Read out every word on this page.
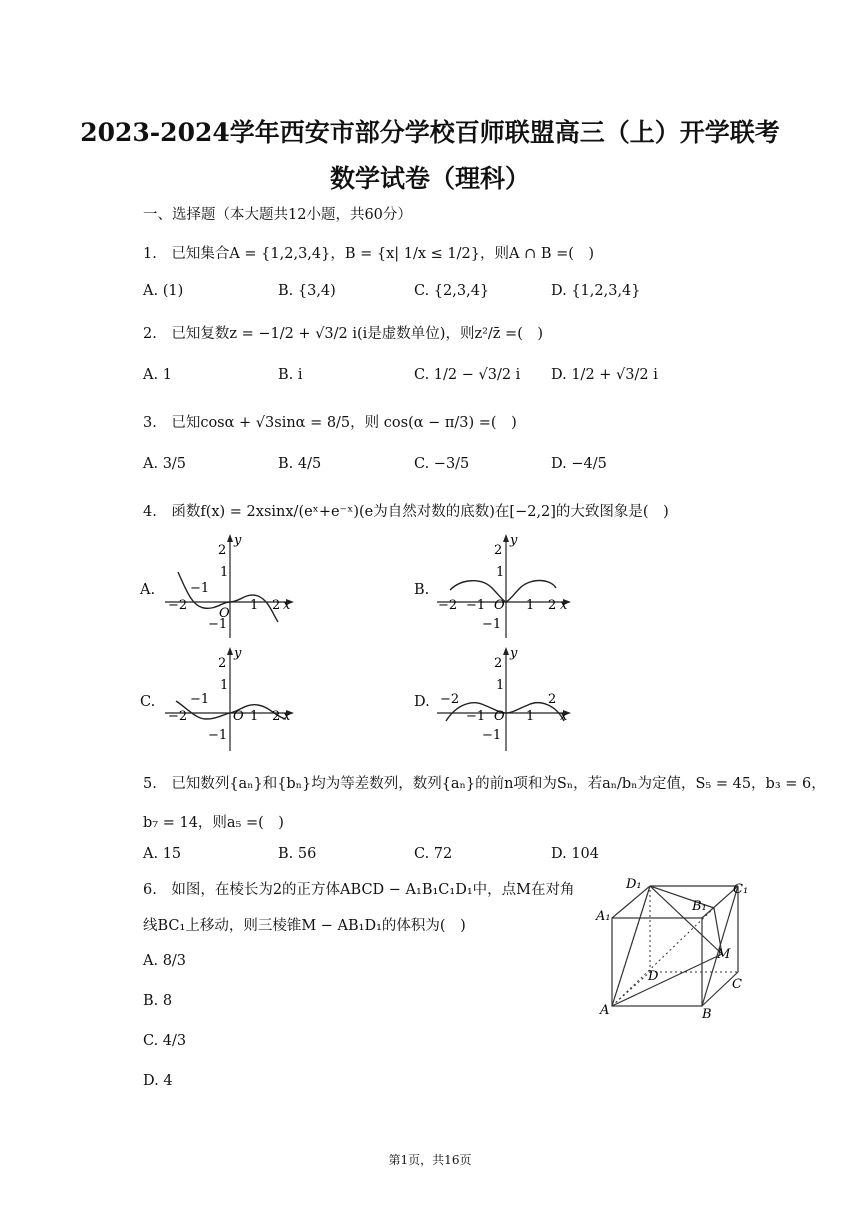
2023-2024学年西安市部分学校百师联盟高三（上）开学联考
数学试卷（理科）
一、选择题（本大题共12小题，共60分）
1.　已知集合A = {1,2,3,4}，B = {x| 1/x ≤ 1/2}，则A ∩ B =(　)
A. (1)	B. {3,4)	C. {2,3,4}	D. {1,2,3,4}
2.　已知复数z = −1/2 + √3/2 i(i是虚数单位)，则z²/z̄ =(　)
A. 1	B. i	C. 1/2 − √3/2 i D. 1/2 + √3/2 i
3.　已知cosα + √3sinα = 8/5，则 cos(α − π/3) =(　)
A. 3/5	B. 4/5	C. −3/5	D. −4/5
4.　函数f(x) = 2xsinx/(eˣ+e⁻ˣ)(e为自然对数的底数)在[−2,2]的大致图象是(　)
A.	B.
C.	D.
y
2
1
−1
−2
O
1 2 x
−1
y
2
1
−2 −1 O 1 2 x
−1
y
2
1
−1
−2	O 1 2 x
−1
y
2
1
−2	2
−1 O 1 x
−1
5.　已知数列{aₙ}和{bₙ}均为等差数列，数列{aₙ}的前n项和为Sₙ，若aₙ/bₙ为定值，S₅ = 45，b₃ = 6，
b₇ = 14，则a₅ =(　)
A. 15	B. 56	C. 72	D. 104
6.　如图，在棱长为2的正方体ABCD − A₁B₁C₁D₁中，点M在对角
线BC₁上移动，则三棱锥M − AB₁D₁的体积为(　)
A. 8/3
B. 8
C. 4/3
D. 4
D₁	C₁
A₁
B₁
M
D
C
A	B
第1页，共16页
